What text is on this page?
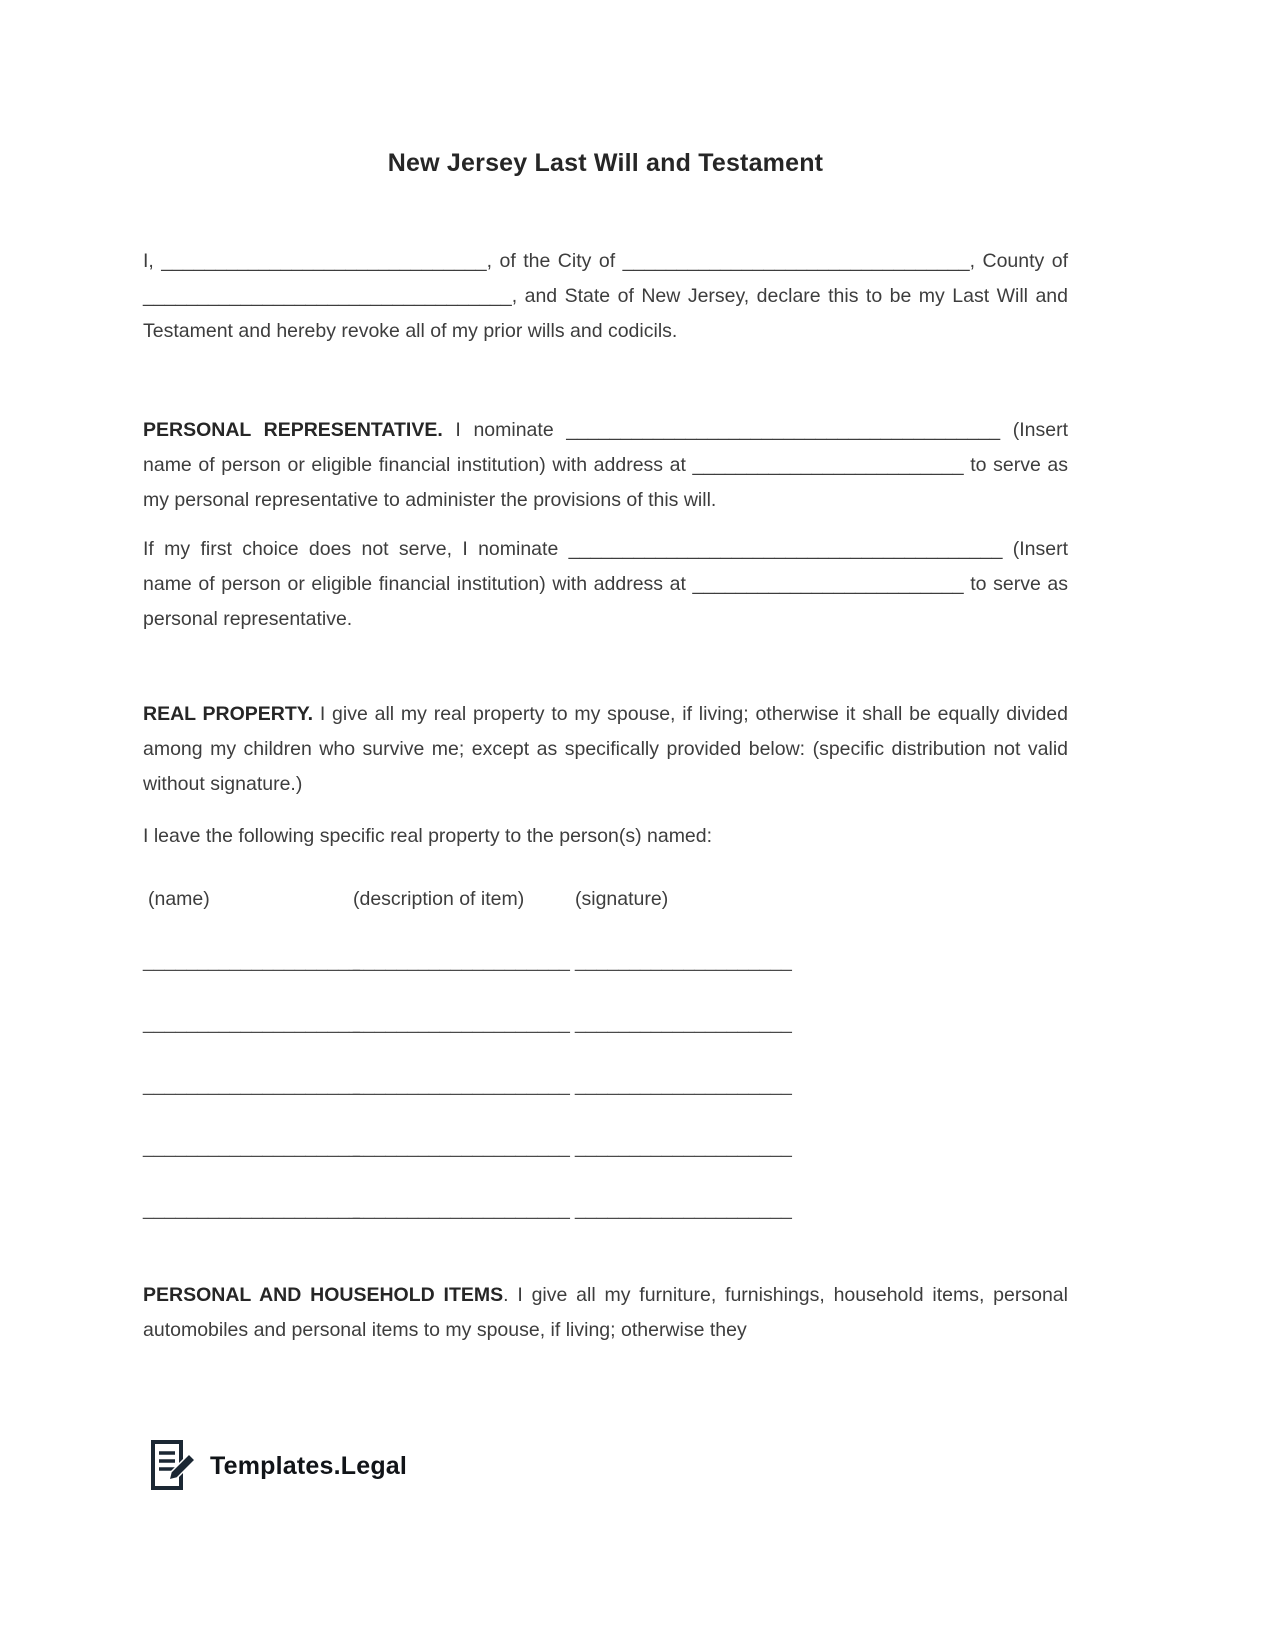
New Jersey Last Will and Testament

I, ______________________________, of the City of ________________________________, County of __________________________________, and State of New Jersey, declare this to be my Last Will and Testament and hereby revoke all of my prior wills and codicils.

PERSONAL REPRESENTATIVE. I nominate ________________________________________ (Insert name of person or eligible financial institution) with address at _________________________ to serve as my personal representative to administer the provisions of this will.

If my first choice does not serve, I nominate ________________________________________ (Insert name of person or eligible financial institution) with address at _________________________ to serve as personal representative.

REAL PROPERTY. I give all my real property to my spouse, if living; otherwise it shall be equally divided among my children who survive me; except as specifically provided below: (specific distribution not valid without signature.)

I leave the following specific real property to the person(s) named:

(name)	(description of item)	(signature)
____________________
____________________ ____________________
____________________
____________________ ____________________
____________________
____________________ ____________________
____________________
____________________ ____________________
____________________
____________________ ____________________

PERSONAL AND HOUSEHOLD ITEMS. I give all my furniture, furnishings, household items, personal automobiles and personal items to my spouse, if living; otherwise they

Templates.Legal
